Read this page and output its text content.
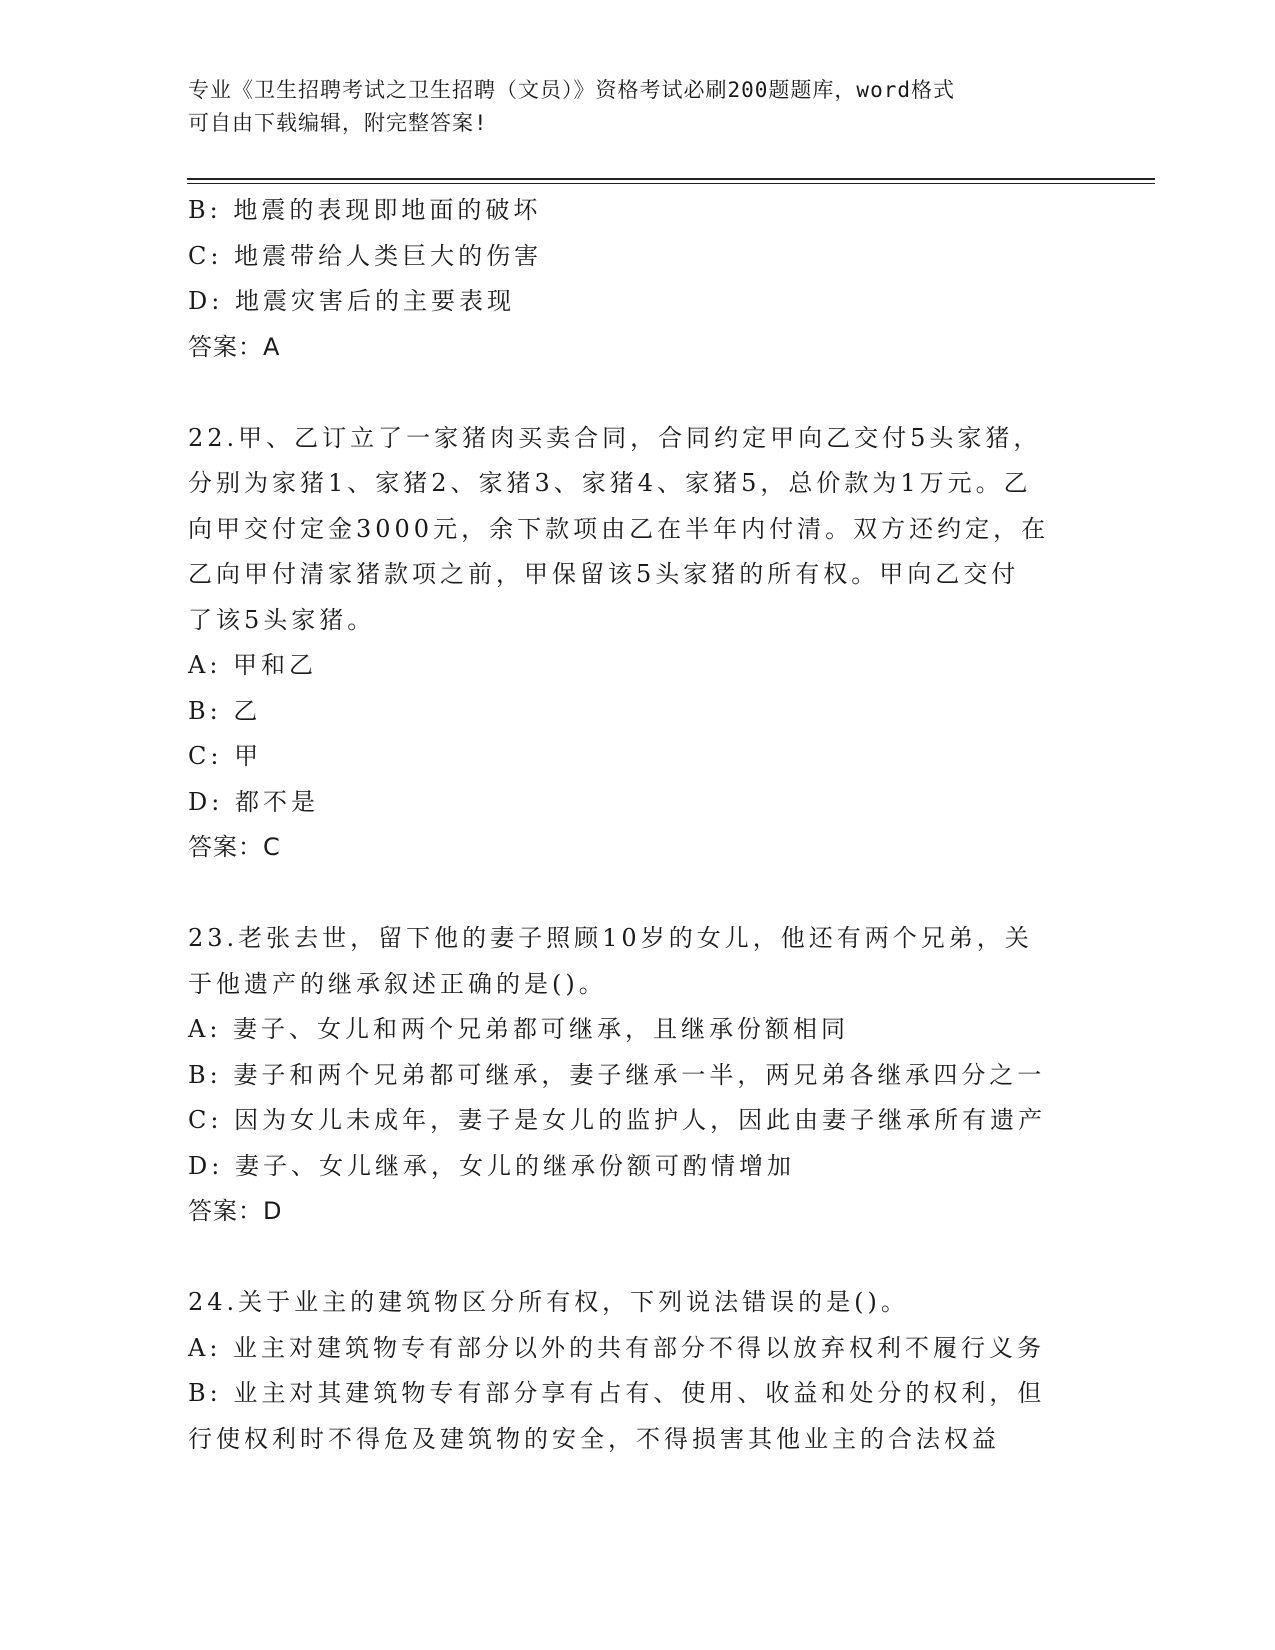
专业《卫生招聘考试之卫生招聘（文员）》资格考试必刷200题题库，word格式
可自由下载编辑，附完整答案!
B: 地震的表现即地面的破坏
C: 地震带给人类巨大的伤害
D: 地震灾害后的主要表现
答案：A
22.甲、乙订立了一家猪肉买卖合同，合同约定甲向乙交付5头家猪，
分别为家猪1、家猪2、家猪3、家猪4、家猪5，总价款为1万元。乙
向甲交付定金3000元，余下款项由乙在半年内付清。双方还约定，在
乙向甲付清家猪款项之前，甲保留该5头家猪的所有权。甲向乙交付
了该5头家猪。
A: 甲和乙
B: 乙
C: 甲
D: 都不是
答案：C
23.老张去世，留下他的妻子照顾10岁的女儿，他还有两个兄弟，关
于他遗产的继承叙述正确的是()。
A: 妻子、女儿和两个兄弟都可继承，且继承份额相同
B: 妻子和两个兄弟都可继承，妻子继承一半，两兄弟各继承四分之一
C: 因为女儿未成年，妻子是女儿的监护人，因此由妻子继承所有遗产
D: 妻子、女儿继承，女儿的继承份额可酌情增加
答案：D
24.关于业主的建筑物区分所有权，下列说法错误的是()。
A: 业主对建筑物专有部分以外的共有部分不得以放弃权利不履行义务
B: 业主对其建筑物专有部分享有占有、使用、收益和处分的权利，但
行使权利时不得危及建筑物的安全，不得损害其他业主的合法权益
